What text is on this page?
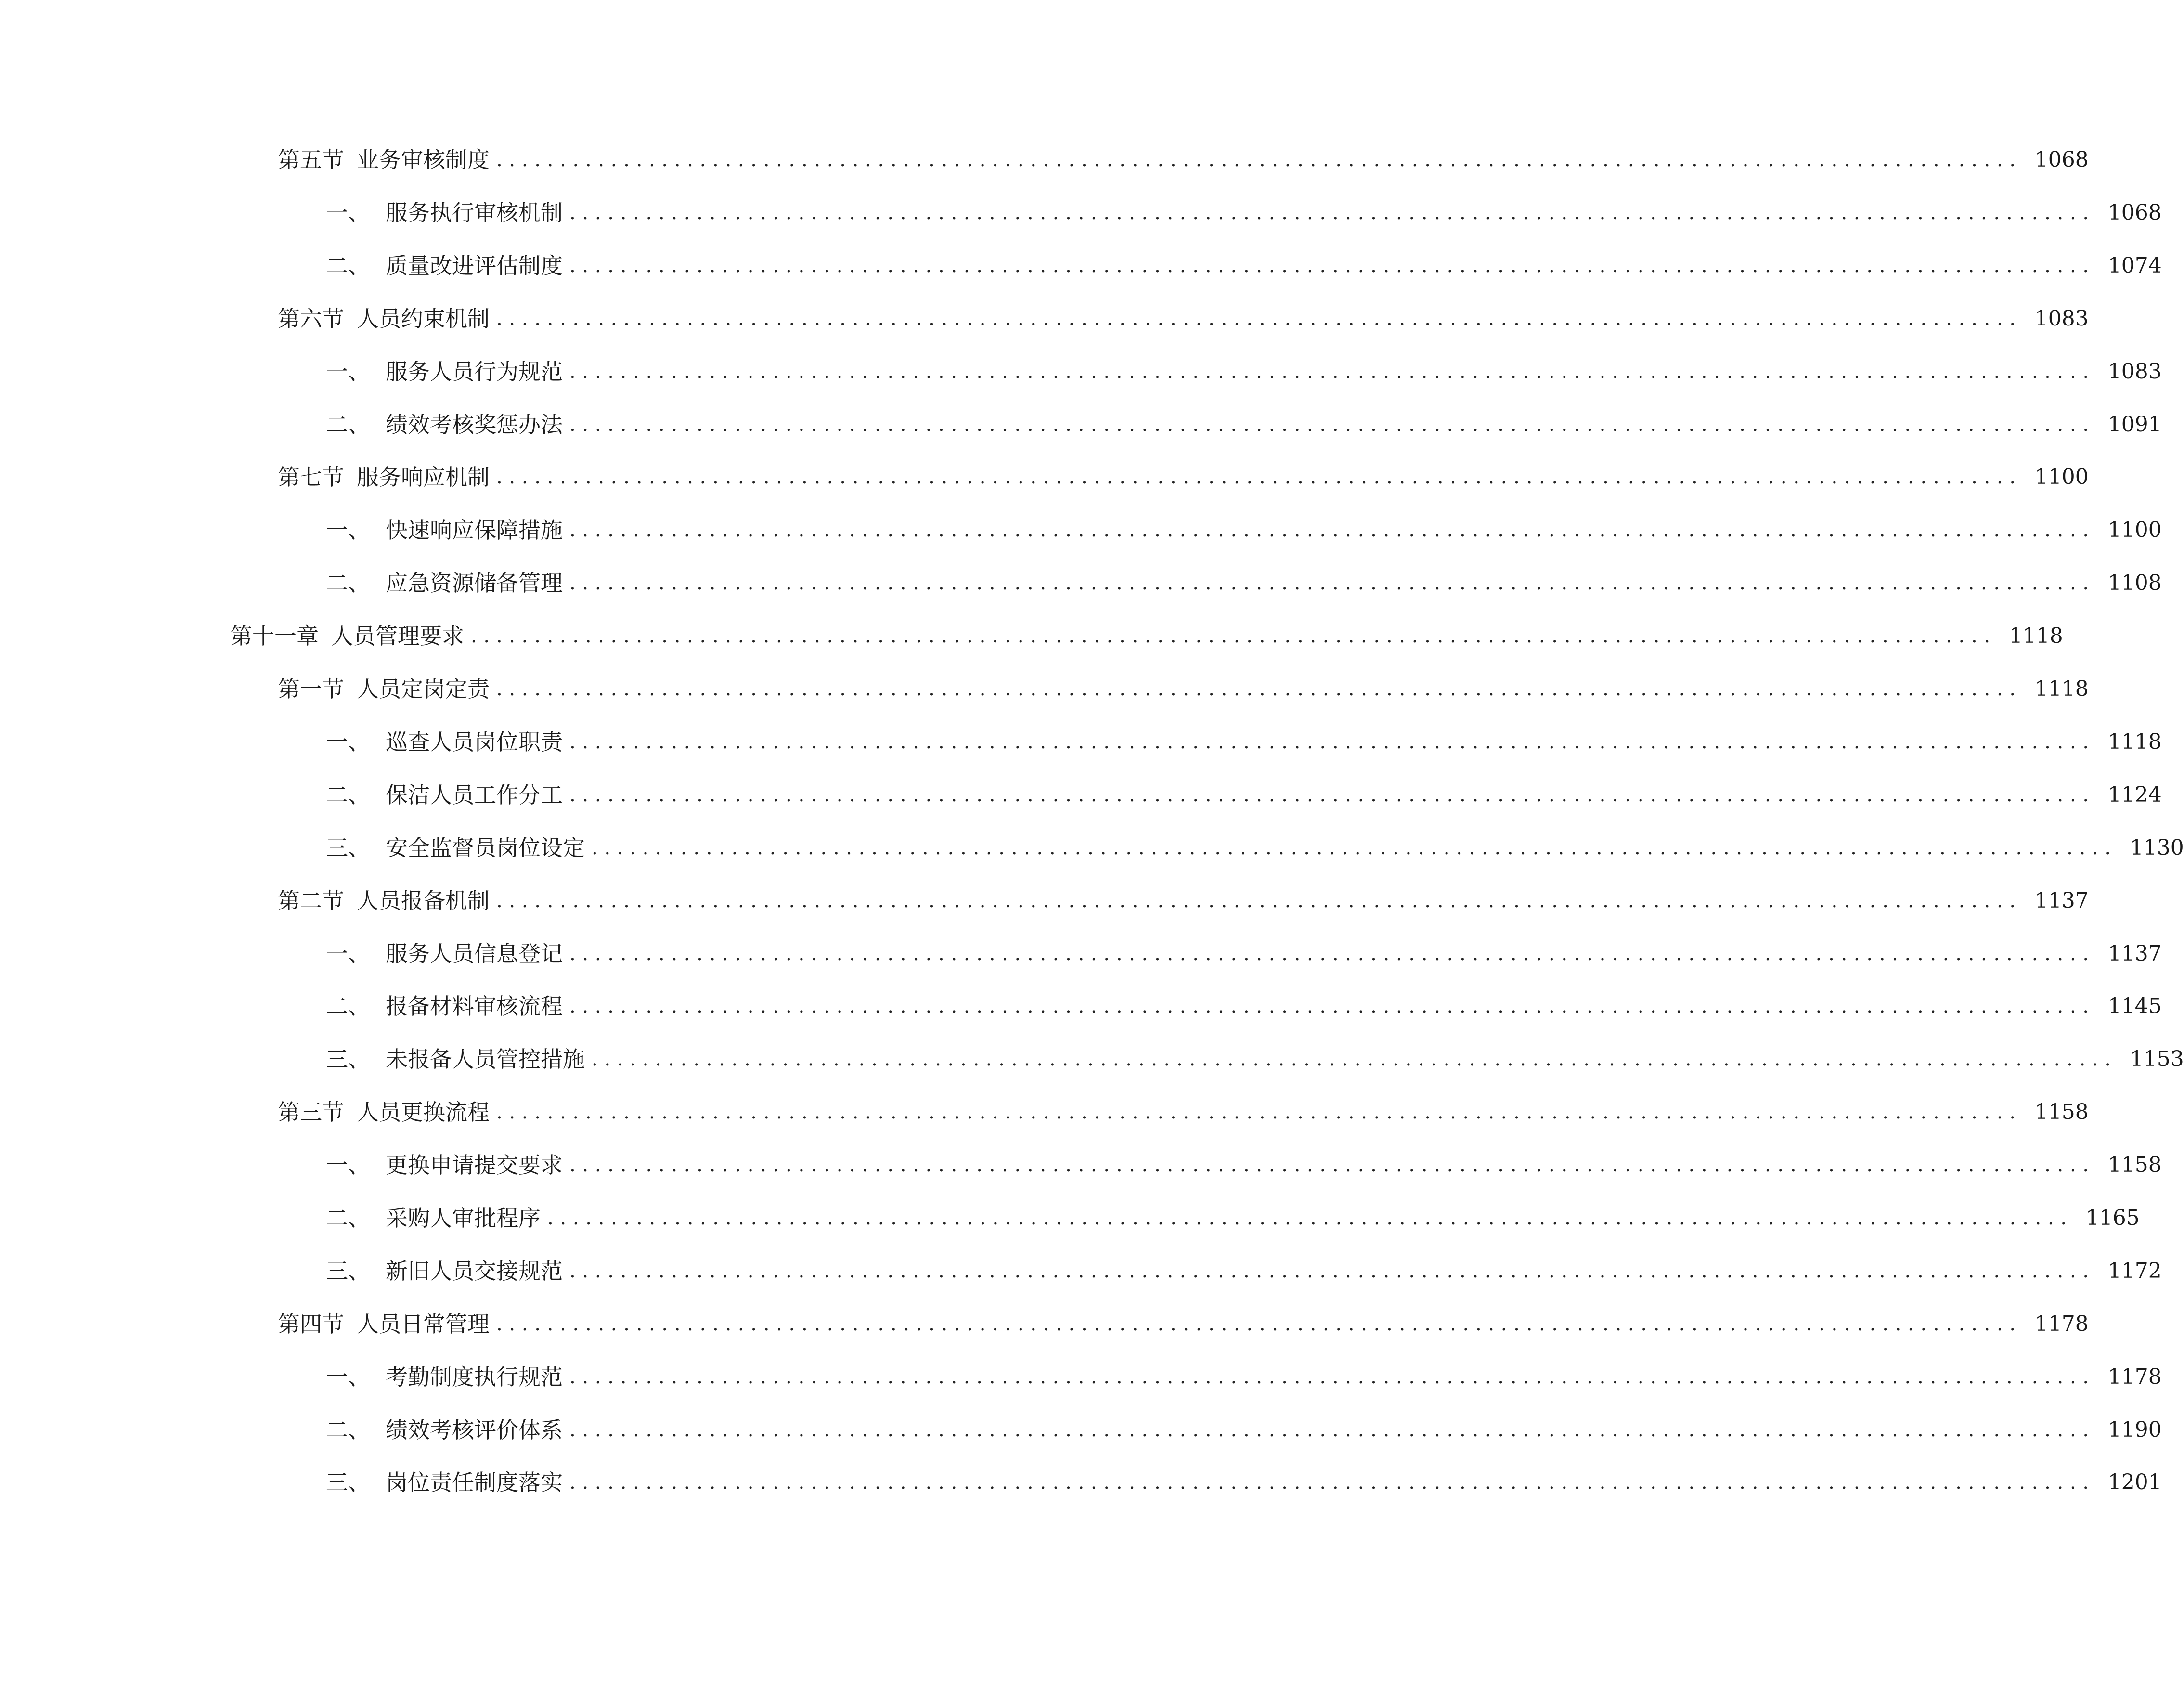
第五节 业务审核制度 ........................................................................................................................ 1068
一、 服务执行审核机制 ........................................................................................................................ 1068
二、 质量改进评估制度 ........................................................................................................................ 1074
第六节 人员约束机制 ........................................................................................................................ 1083
一、 服务人员行为规范 ........................................................................................................................ 1083
二、 绩效考核奖惩办法 ........................................................................................................................ 1091
第七节 服务响应机制 ........................................................................................................................ 1100
一、 快速响应保障措施 ........................................................................................................................ 1100
二、 应急资源储备管理 ........................................................................................................................ 1108
第十一章 人员管理要求 ........................................................................................................................ 1118
第一节 人员定岗定责 ........................................................................................................................ 1118
一、 巡查人员岗位职责 ........................................................................................................................ 1118
二、 保洁人员工作分工 ........................................................................................................................ 1124
三、 安全监督员岗位设定 ........................................................................................................................ 1130
第二节 人员报备机制 ........................................................................................................................ 1137
一、 服务人员信息登记 ........................................................................................................................ 1137
二、 报备材料审核流程 ........................................................................................................................ 1145
三、 未报备人员管控措施 ........................................................................................................................ 1153
第三节 人员更换流程 ........................................................................................................................ 1158
一、 更换申请提交要求 ........................................................................................................................ 1158
二、 采购人审批程序 ........................................................................................................................ 1165
三、 新旧人员交接规范 ........................................................................................................................ 1172
第四节 人员日常管理 ........................................................................................................................ 1178
一、 考勤制度执行规范 ........................................................................................................................ 1178
二、 绩效考核评价体系 ........................................................................................................................ 1190
三、 岗位责任制度落实 ........................................................................................................................ 1201
